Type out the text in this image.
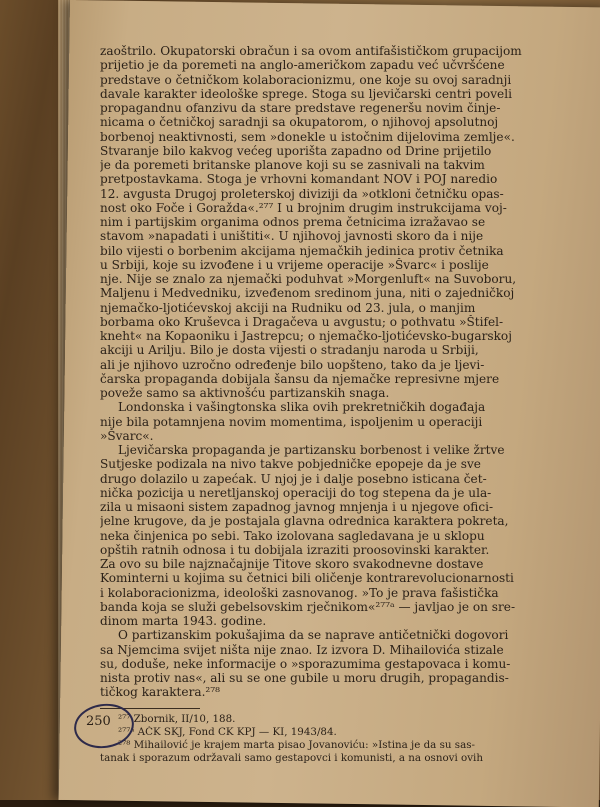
zaoštrilo. Okupatorski obračun i sa ovom antifašističkom grupacijom
prijetio je da poremeti na anglo-američkom zapadu već učvršćene
predstave o četničkom kolaboracionizmu, one koje su ovoj saradnji
davale karakter ideološke sprege. Stoga su ljevičarski centri poveli
propagandnu ofanzivu da stare predstave regeneršu novim činje-
nicama o četničkoj saradnji sa okupatorom, o njihovoj apsolutnoj
borbenoj neaktivnosti, sem »donekle u istočnim dijelovima zemlje«.
Stvaranje bilo kakvog većeg uporišta zapadno od Drine prijetilo
je da poremeti britanske planove koji su se zasnivali na takvim
pretpostavkama. Stoga je vrhovni komandant NOV i POJ naredio
12. avgusta Drugoj proleterskoj diviziji da »otkloni četničku opas-
nost oko Foče i Goražda«.²⁷⁷ I u brojnim drugim instrukcijama voj-
nim i partijskim organima odnos prema četnicima izražavao se
stavom »napadati i uništiti«. U njihovoj javnosti skoro da i nije
bilo vijesti o borbenim akcijama njemačkih jedinica protiv četnika
u Srbiji, koje su izvođene i u vrijeme operacije »Švarc« i poslije
nje. Nije se znalo za njemački poduhvat »Morgenluft« na Suvoboru,
Maljenu i Medvedniku, izveđenom sredinom juna, niti o zajedničkoj
njemačko-ljotićevskoj akciji na Rudniku od 23. jula, o manjim
borbama oko Kruševca i Dragačeva u avgustu; o pothvatu »Štifel-
kneht« na Kopaoniku i Jastrepcu; o njemačko-ljotićevsko-bugarskoj
akciji u Arilju. Bilo je dosta vijesti o stradanju naroda u Srbiji,
ali je njihovo uzročno određenje bilo uopšteno, tako da je ljevi-
čarska propaganda dobijala šansu da njemačke represivne mjere
poveže samo sa aktivnošću partizanskih snaga.
Londonska i vašingtonska slika ovih prekretničkih događaja
nije bila potamnjena novim momentima, ispoljenim u operaciji
»Švarc«.
Ljevičarska propaganda je partizansku borbenost i velike žrtve
Sutjeske podizala na nivo takve pobjedničke epopeje da je sve
drugo dolazilo u zapećak. U njoj je i dalje posebno isticana čet-
nička pozicija u neretljanskoj operaciji do tog stepena da je ula-
zila u misaoni sistem zapadnog javnog mnjenja i u njegove ofici-
jelne krugove, da je postajala glavna odrednica karaktera pokreta,
neka činjenica po sebi. Tako izolovana sagledavana je u sklopu
opštih ratnih odnosa i tu dobijala izraziti proosovinski karakter.
Za ovo su bile najznačajnije Titove skoro svakodnevne dostave
Kominterni u kojima su četnici bili oličenje kontrarevolucionarnosti
i kolaboracionizma, ideološki zasnovanog. »To je prava fašistička
banda koja se služi gebelsovskim rječnikom«²⁷⁷ᵃ — javljao je on sre-
dinom marta 1943. godine.
O partizanskim pokušajima da se naprave antičetnički dogovori
sa Njemcima svijet ništa nije znao. Iz izvora D. Mihailovića stizale
su, doduše, neke informacije o »sporazumima gestapovaca i komu-
nista protiv nas«, ali su se one gubile u moru drugih, propagandis-
tičkog karaktera.²⁷⁸
²⁷⁷ Zbornik, II/10, 188.
²⁷⁷ᵃ AČK SKJ, Fond CK KPJ — KI, 1943/84.
²⁷⁸ Mihailović je krajem marta pisao Jovanoviću: »Istina je da su sas-
tanak i sporazum održavali samo gestapovci i komunisti, a na osnovi ovih
250
